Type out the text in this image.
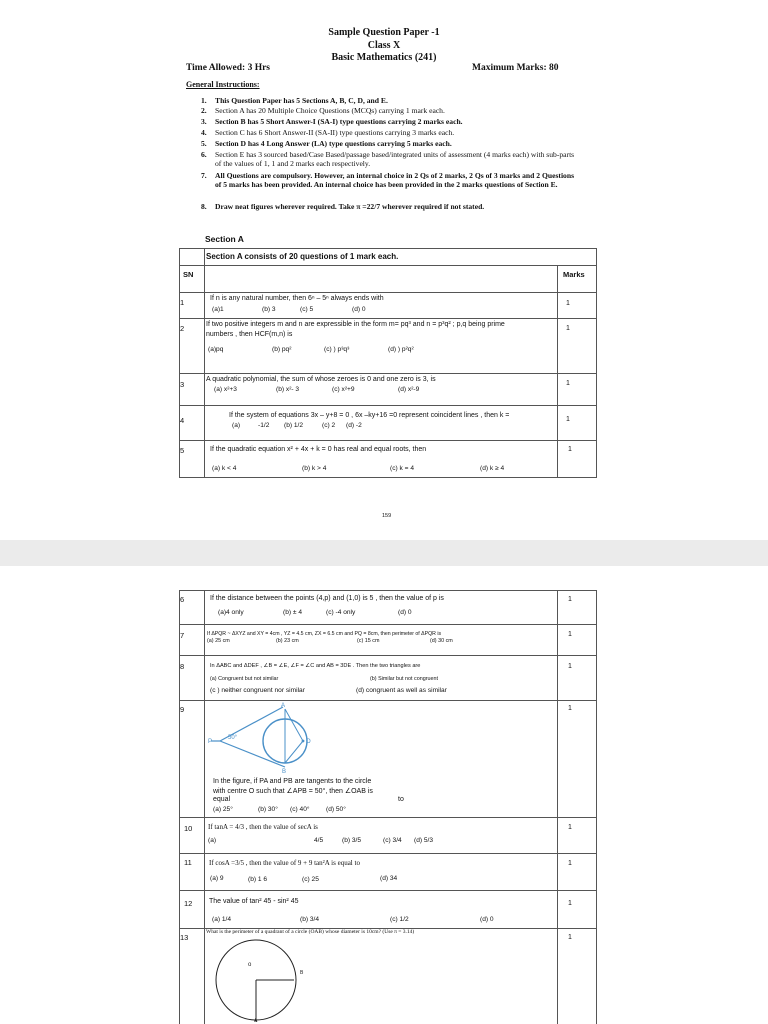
Sample Question Paper -1
Class X
Basic Mathematics (241)
Time Allowed: 3 Hrs	Maximum Marks: 80
General Instructions:
1. This Question Paper has 5 Sections A, B, C, D, and E.
2. Section A has 20 Multiple Choice Questions (MCQs) carrying 1 mark each.
3. Section B has 5 Short Answer-I (SA-I) type questions carrying 2 marks each.
4. Section C has 6 Short Answer-II (SA-II) type questions carrying 3 marks each.
5. Section D has 4 Long Answer (LA) type questions carrying 5 marks each.
6. Section E has 3 sourced based/Case Based/passage based/integrated units of assessment (4 marks each) with sub-parts of the values of 1, 1 and 2 marks each respectively.
7. All Questions are compulsory. However, an internal choice in 2 Qs of 2 marks, 2 Qs of 3 marks and 2 Questions of 5 marks has been provided. An internal choice has been provided in the 2 marks questions of Section E.
8. Draw neat figures wherever required. Take π =22/7 wherever required if not stated.
Section A
Section A consists of 20 questions of 1 mark each.
SN	Marks
1	If n is any natural number, then 6ⁿ – 5ⁿ always ends with
(a)1	(b) 3	(c) 5	(d) 0
1
2	If two positive integers m and n are expressible in the form m= pq³ and n = p³q² ; p,q being prime
numbers , then HCF(m,n) is
(a)pq	(b) pq²	(c) ) p³q³	(d) ) p²q²
1
3
A quadratic polynomial, the sum of whose zeroes is 0 and one zero is 3, is
(a) x²+3	(b) x²- 3	(c) x²+9	(d) x²-9
1
4
If the system of equations 3x – y+8 = 0 , 6x –ky+16 =0 represent coincident lines , then k =
(a)	-1/2 (b) 1/2	(c) 2 (d) -2
1
5	If the quadratic equation x² + 4x + k = 0 has real and equal roots, then
(a) k < 4	(b) k > 4	(c) k = 4	(d) k ≥ 4
1
159
6	If the distance between the points (4,p) and (1,0) is 5 , then the value of p is
(a)4 only	(b) ± 4	(c) -4 only	(d) 0
1
7	If ΔPQR ~ ΔXYZ and XY = 4cm , YZ = 4.5 cm, ZX = 6.5 cm and PQ = 8cm, then perimeter of ΔPQR is
(a) 25 cm	(b) 23 cm	(c) 15 cm	(d) 30 cm
1
8	In ΔABC and ΔDEF , ∠B = ∠E, ∠F = ∠C and AB = 3DE . Then the two triangles are
(a) Congruent but not similar	(b) Similar but not congruent
(c ) neither congruent nor similar	(d) congruent as well as similar
1
9
50°
A
B
P	O
In the figure, if PA and PB are tangents to the circle
with centre O such that ∠APB = 50°, then ∠OAB is
equal	to
(a) 25°	(b) 30° (c) 40°	(d) 50°
1
10 If tanA = 4/3 , then the value of secA is
(a)	4/5	(b) 3/5	(c) 3/4 (d) 5/3
1
11 If cosA =3/5 , then the value of 9 + 9 tan²A is equal to
(a) 9	(b) 1 6	(c) 25	(d) 34
1
12 The value of tan² 45 - sin² 45
(a) 1/4	(b) 3/4	(c) 1/2	(d) 0
1
13
What is the perimeter of a quadrant of a circle (OAB) whose diameter is 10cm? (Use π = 3.14)
o
B
A
1
